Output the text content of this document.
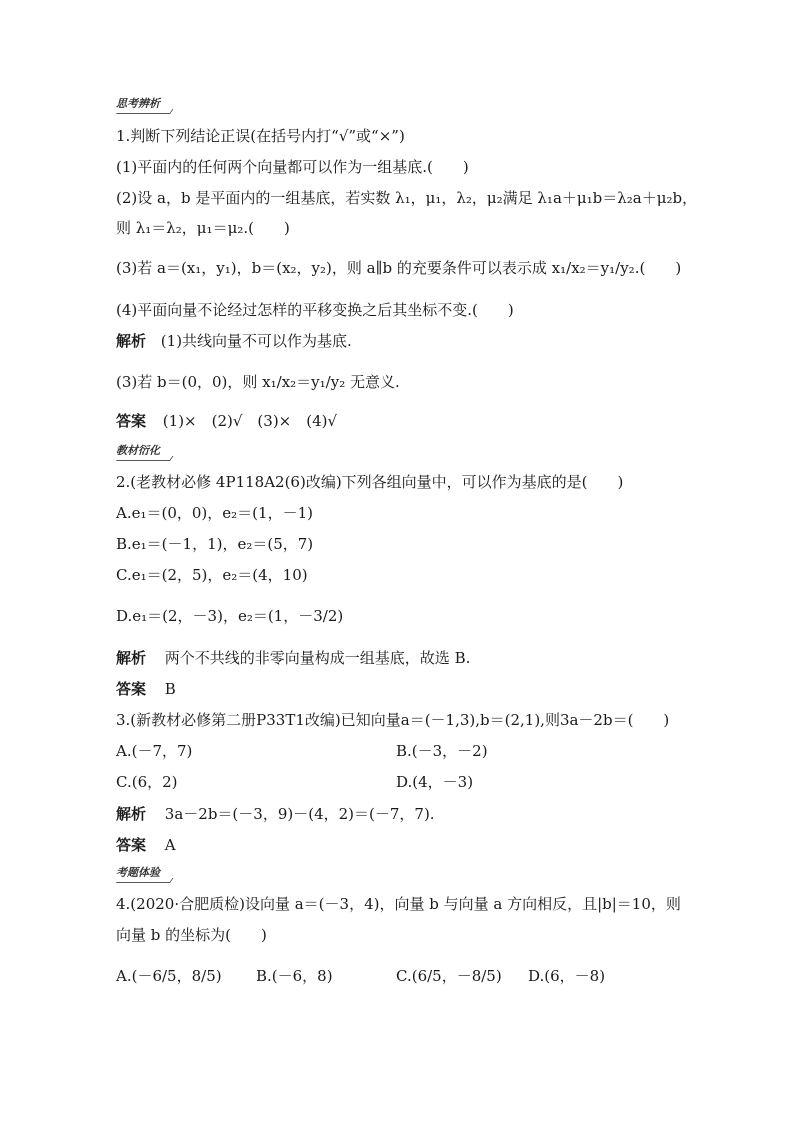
思考辨析
1.判断下列结论正误(在括号内打“√”或“×”)
(1)平面内的任何两个向量都可以作为一组基底.(　　)
(2)设 a，b 是平面内的一组基底，若实数 λ₁，μ₁，λ₂，μ₂满足 λ₁a＋μ₁b＝λ₂a＋μ₂b，
则 λ₁＝λ₂，μ₁＝μ₂.(　　)
(3)若 a＝(x₁，y₁)，b＝(x₂，y₂)，则 a∥b 的充要条件可以表示成 x₁/x₂＝y₁/y₂.(　　)
(4)平面向量不论经过怎样的平移变换之后其坐标不变.(　　)
解析 (1)共线向量不可以作为基底.
(3)若 b＝(0，0)，则 x₁/x₂＝y₁/y₂ 无意义.
答案 (1)×　(2)√　(3)×　(4)√
教材衍化
2.(老教材必修 4P118A2(6)改编)下列各组向量中，可以作为基底的是(　　)
A.e₁＝(0，0)，e₂＝(1，－1)
B.e₁＝(－1，1)，e₂＝(5，7)
C.e₁＝(2，5)，e₂＝(4，10)
D.e₁＝(2，－3)，e₂＝(1，－3/2)
解析 两个不共线的非零向量构成一组基底，故选 B.
答案 B
3.(新教材必修第二册P33T1改编)已知向量a＝(－1,3),b＝(2,1),则3a－2b＝(　　)
A.(－7，7)	B.(－3，－2)
C.(6，2)	D.(4，－3)
解析 3a－2b＝(－3，9)－(4，2)＝(－7，7).
答案 A
考题体验
4.(2020·合肥质检)设向量 a＝(－3，4)，向量 b 与向量 a 方向相反，且|b|＝10，则
向量 b 的坐标为(　　)
A.(－6/5，8/5) B.(－6，8)	C.(6/5，－8/5) D.(6，－8)
